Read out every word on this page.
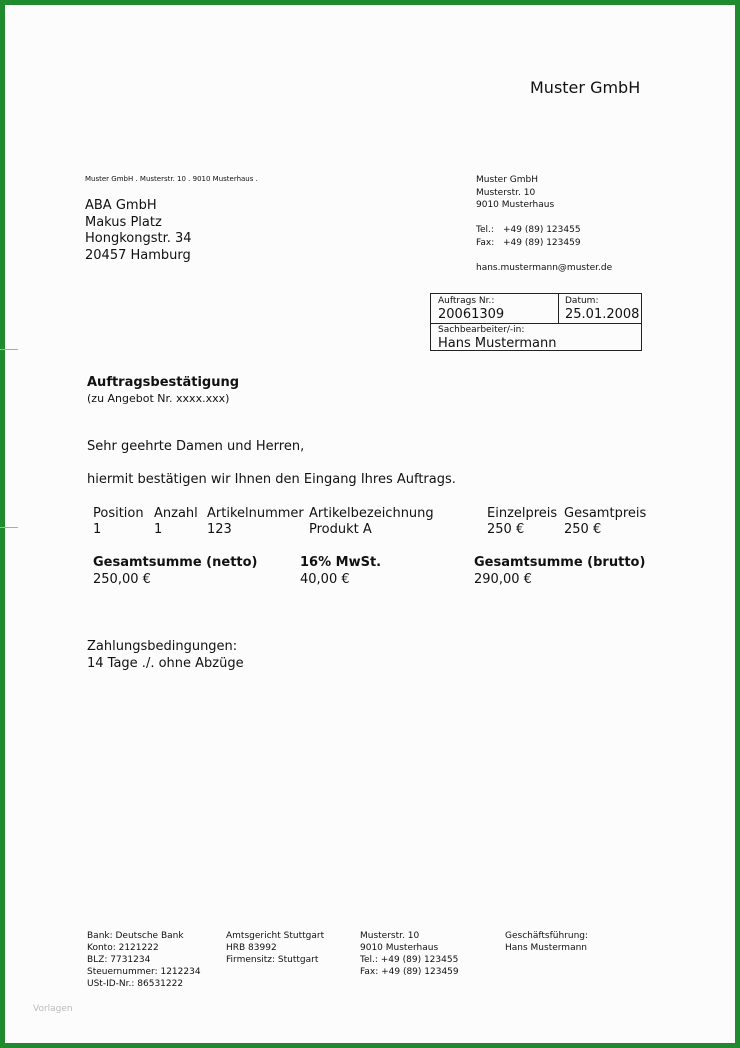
Muster GmbH
Muster GmbH . Musterstr. 10 . 9010 Musterhaus .
ABA GmbH
Makus Platz
Hongkongstr. 34
20457 Hamburg
Muster GmbH
Musterstr. 10
9010 Musterhaus
Tel.: +49 (89) 123455
Fax: +49 (89) 123459
hans.mustermann@muster.de
Auftrags Nr.:
20061309
Datum:
25.01.2008
Sachbearbeiter/-in:
Hans Mustermann
Auftragsbestätigung
(zu Angebot Nr. xxxx.xxx)
Sehr geehrte Damen und Herren,
hiermit bestätigen wir Ihnen den Eingang Ihres Auftrags.
Position Anzahl Artikelnummer Artikelbezeichnung	Einzelpreis Gesamtpreis
1	1	123	Produkt A	250 €	250 €
Gesamtsumme (netto)
250,00 €
16% MwSt.
40,00 €
Gesamtsumme (brutto)
290,00 €
Zahlungsbedingungen:
14 Tage ./. ohne Abzüge
Bank: Deutsche Bank
Konto: 2121222
BLZ: 7731234
Steuernummer: 1212234
USt-ID-Nr.: 86531222
Amtsgericht Stuttgart
HRB 83992
Firmensitz: Stuttgart
Musterstr. 10
9010 Musterhaus
Tel.: +49 (89) 123455
Fax: +49 (89) 123459
Geschäftsführung:
Hans Mustermann
Vorlagen
